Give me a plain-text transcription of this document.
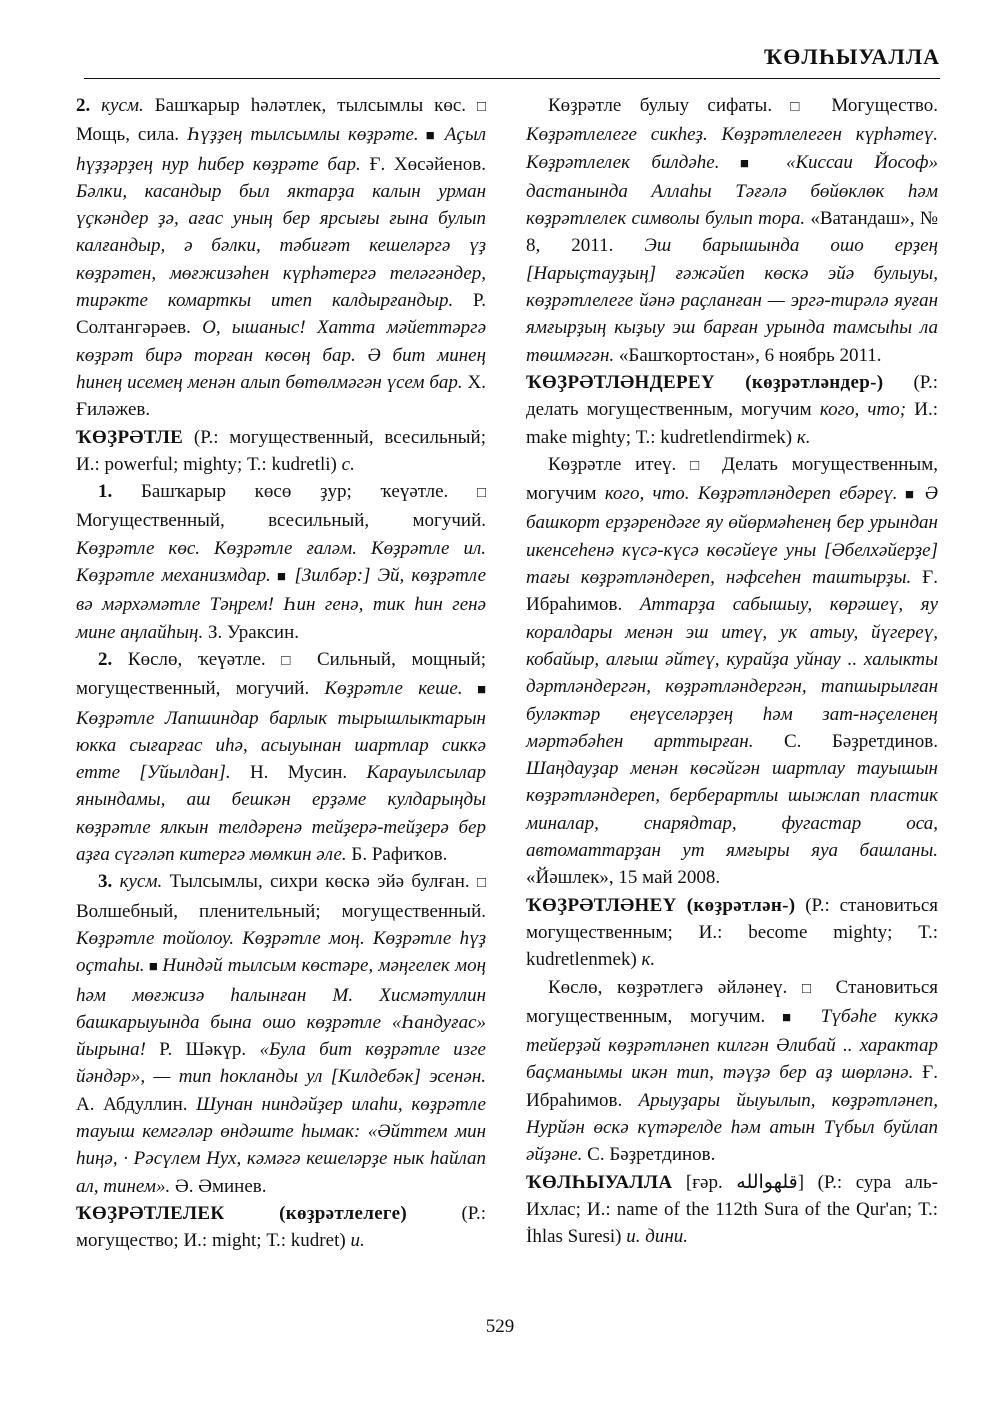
ҠӨЛҺЫУАЛЛА

2. кусм. Башҡарыр һәләтлек, тылсымлы көс. □ Мощь, сила. Һүҙҙең тылсымлы көҙрәте. ■ Аҫыл һүҙҙәрҙең нур һибер көҙрәте бар. Ғ. Хөсәйенов. Бәлки, касандыр был яктарҙа калын урман үҫкәндер ҙә, ағас уның бер ярсығы ғына булып калғандыр, ә бәлки, тәбиғәт кешеләргә үҙ көҙрәтен, мөғжизәһен күрһәтергә теләгәндер, тирәкте комарткы итеп калдырғандыр. Р. Солтангәрәев. О, ышаныс! Хатта мәйеттәргә көҙрәт бирә торған көсөң бар. Ә бит минең һинең исемең менән алып бөтөлмәгән үсем бар. Х. Ғиләжев.

ҠӨҘРӘТЛЕ (Р.: могущественный, всесильный; И.: powerful; mighty; Т.: kudretli) с.

1. Башҡарыр көсө ҙур; ҡеүәтле. □ Могущественный, всесильный, могучий. Көҙрәтле көс. Көҙрәтле ғаләм. Көҙрәтле ил. Көҙрәтле механизмдар. ■ [Зилбәр:] Эй, көҙрәтле вә мәрхәмәтле Тәңрем! Һин генә, тик һин генә мине аңлайһың. З. Ураксин.

2. Көслө, ҡеүәтле. □ Сильный, мощный; могущественный, могучий. Көҙрәтле кеше. ■ Көҙрәтле Лапшиндар барлык тырышлыктарын юкка сығарғас иһә, асыуынан шартлар сиккә етте [Уйылдан]. Н. Мусин. Карауылсылар янындамы, аш бешкән ерҙәме кулдарыңды көҙрәтле ялкын телдәренә тейҙерә-тейҙерә бер аҙға сүгәләп китергә мөмкин әле. Б. Рафиҡов.

3. кусм. Тылсымлы, сихри көскә эйә булған. □ Волшебный, пленительный; могущественный. Көҙрәтле тойолоу. Көҙрәтле моң. Көҙрәтле һүҙ оҫтаһы. ■ Ниндәй тылсым көстәре, мәңгелек моң һәм мөғжизә һалынған М. Хисмәтуллин башкарыуында бына ошо көҙрәтле «Һандуғас» йырына! Р. Шәкүр. «Була бит көҙрәтле изге йәндәр», — тип һокланды ул [Килдебәк] эсенән. А. Абдуллин. Шунан ниндәйҙер илаһи, көҙрәтле тауыш кемгәләр өндәште һымак: «Әйттем мин һиңә, · Рәсүлем Нух, кәмәгә кешеләрҙе нык һайлап ал, тинем». Ә. Әминев.

ҠӨҘРӘТЛЕЛЕК (көҙрәтлелеге) (Р.: могущество; И.: might; Т.: kudret) и.

Көҙрәтле булыу сифаты. □ Могущество. Көҙрәтлелеге сикһеҙ. Көҙрәтлелеген күрһәтеү. Көҙрәтлелек билдәһе. ■ «Киссаи Йософ» дастанында Аллаһы Тәғәлә бөйөклөк һәм көҙрәтлелек символы булып тора. «Ватандаш», № 8, 2011. Эш барышында ошо ерҙең [Нарыҫтауҙың] ғәжәйеп көскә эйә булыуы, көҙрәтлелеге йәнә раҫланған — эргә-тирәлә яуған ямғырҙың кыҙыу эш барған урында тамсыһы ла төшмәгән. «Башҡортостан», 6 ноябрь 2011.

ҠӨҘРӘТЛӘНДЕРЕҮ (көҙрәтләндер-) (Р.: делать могущественным, могучим кого, что; И.: make mighty; Т.: kudretlendirmek) к.

Көҙрәтле итеү. □ Делать могущественным, могучим кого, что. Көҙрәтләндереп ебәреү. ■ Ә башкорт ерҙәрендәге яу өйөрмәһенең бер урындан икенсеһенә күсә-күсә көсәйеүе уны [Әбелхәйерҙе] тағы көҙрәтләндереп, нәфсеһен таштырҙы. Ғ. Ибраһимов. Аттарҙа сабышыу, көрәшеү, яу коралдары менән эш итеү, ук атыу, йүгереү, кобайыр, алғыш әйтеү, курайҙа уйнау .. халыкты дәртләндергән, көҙрәтләндергән, тапшырылған буләктәр еңеүселәрҙең һәм зат-нәҫеленең мәртәбәһен арттырған. С. Бәҙретдинов. Шаңдауҙар менән көсәйгән шартлау тауышын көҙрәтләндереп, берберартлы шыжлап пластик миналар, снарядтар, фугастар оса, автоматтарҙан ут ямғыры яуа башланы. «Йәшлек», 15 май 2008.

ҠӨҘРӘТЛӘНЕҮ (көҙрәтлән-) (Р.: становиться могущественным; И.: become mighty; Т.: kudretlenmek) к.

Көслө, көҙрәтлегә әйләнеү. □ Становиться могущественным, могучим. ■ Түбәһе куккә тейерҙәй көҙрәтләнеп килгән Әлибай .. характар баҫманымы икән тип, тәүҙә бер аҙ шөрләнә. Ғ. Ибраһимов. Арыуҙары йыуылып, көҙрәтләнеп, Нурйән өскә күтәрелде һәм атын Түбыл буйлап әйҙәне. С. Бәҙретдинов.

ҠӨЛҺЫУАЛЛА [ғәр. قلهوالله] (Р.: сура аль-Ихлас; И.: name of the 112th Sura of the Qur'an; Т.: İhlas Suresi) и. дини.

529
